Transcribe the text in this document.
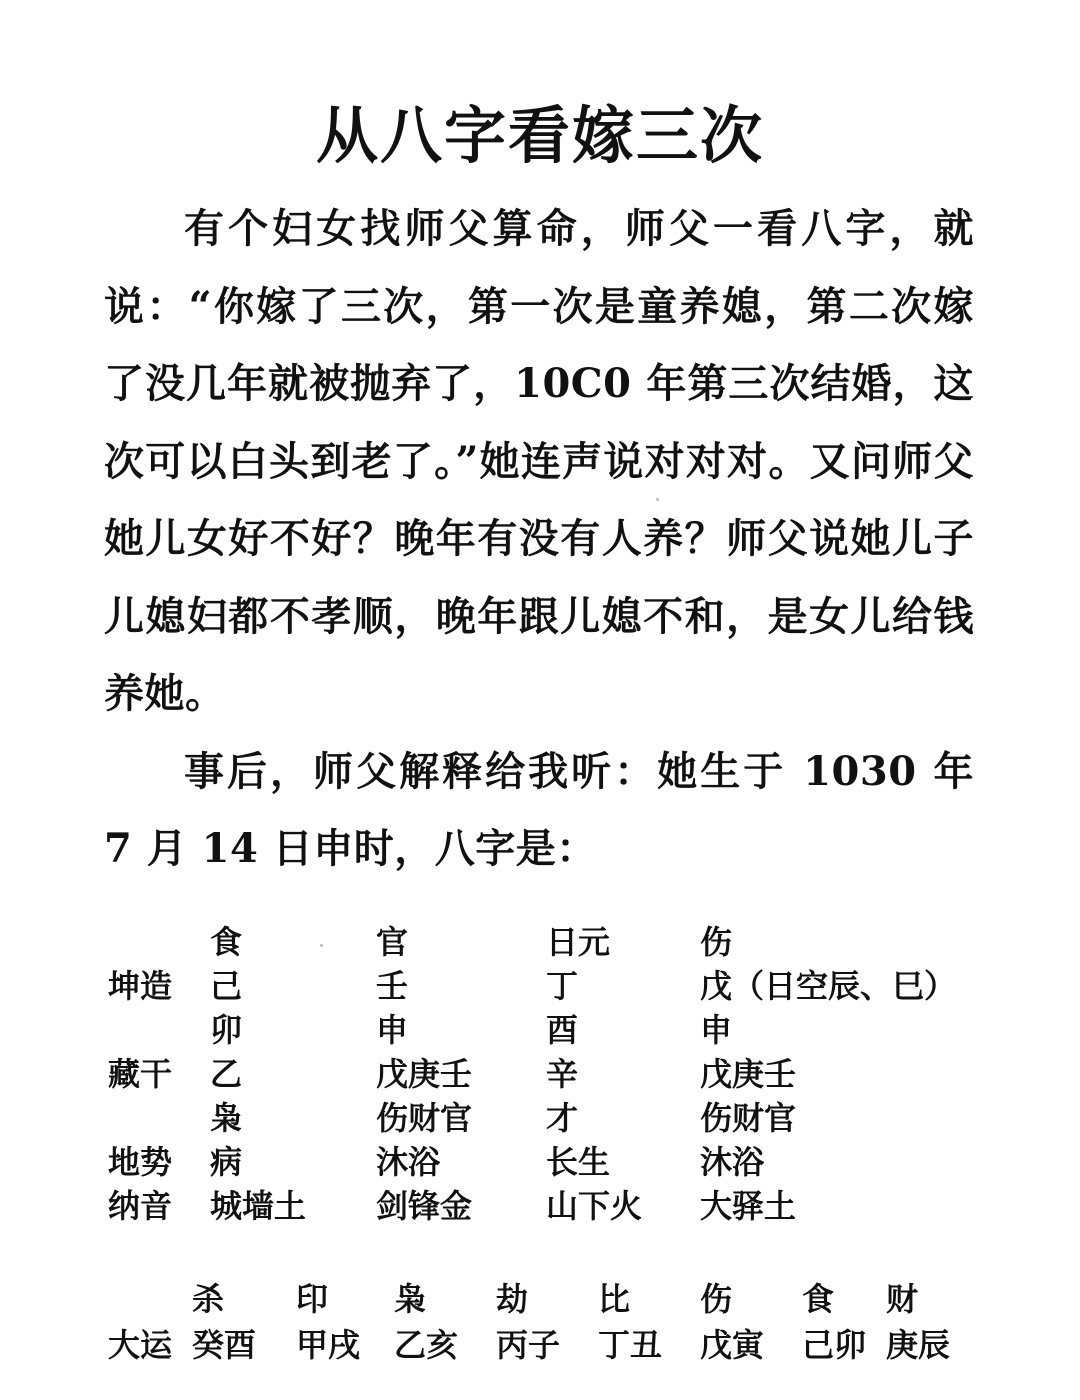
从八字看嫁三次

有个妇女找师父算命，师父一看八字，就说：“你嫁了三次，第一次是童养媳，第二次嫁了没几年就被抛弃了，10C0 年第三次结婚，这次可以白头到老了。”她连声说对对对。又问师父她儿女好不好？晚年有没有人养？师父说她儿子儿媳妇都不孝顺，晚年跟儿媳不和，是女儿给钱养她。

事后，师父解释给我听：她生于 1030 年 7 月 14 日申时，八字是：

食	官	日元	伤
坤造 己	壬	丁	戊（日空辰、巳）
卯	申	酉	申
藏干 乙	戊庚壬 辛	戊庚壬
枭	伤财官 才	伤财官
地势 病	沐浴	长生	沐浴
纳音 城墙土 剑锋金 山下火 大驿土
杀 印 枭 劫 比 伤 食 财
大运 癸酉 甲戌 乙亥 丙子 丁丑 戊寅 己卯 庚辰
